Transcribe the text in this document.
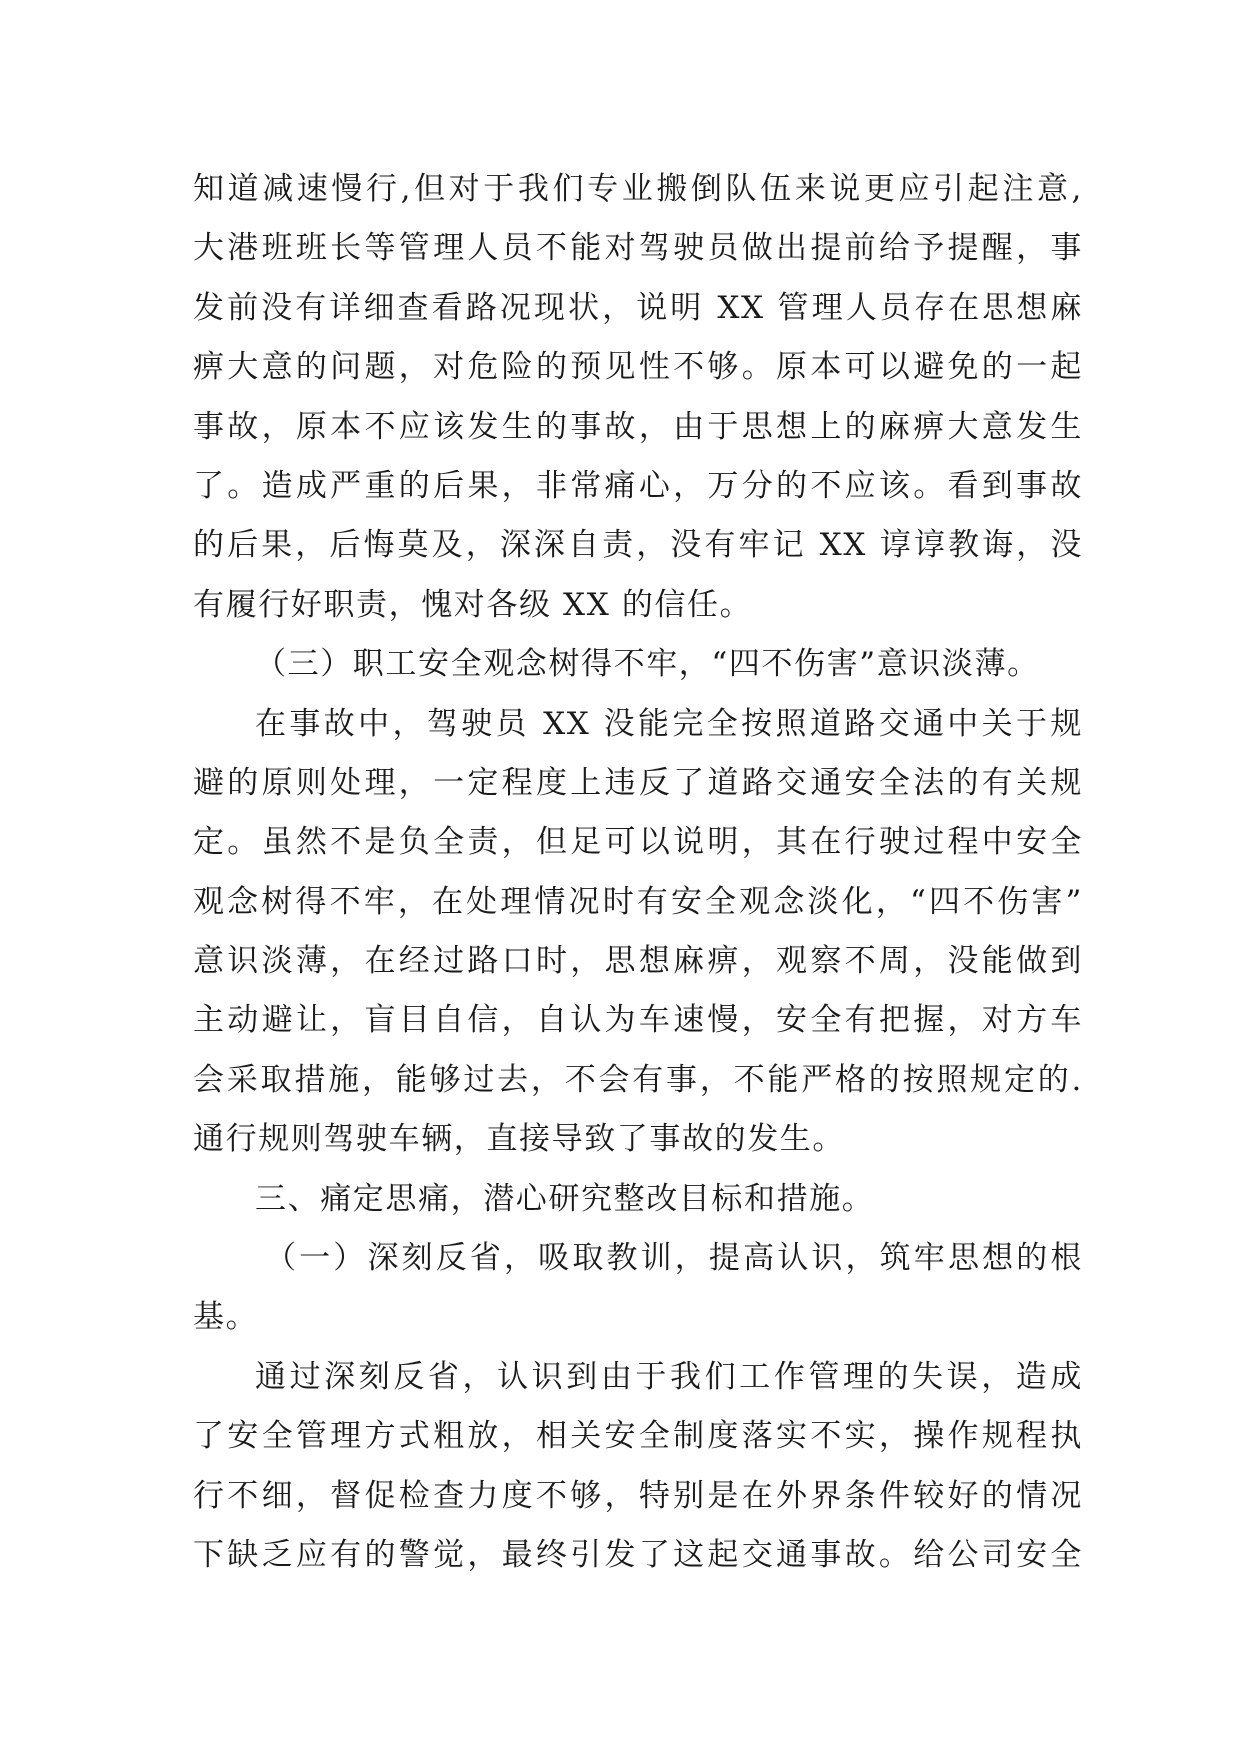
知道减速慢行,但对于我们专业搬倒队伍来说更应引起注意,
大港班班长等管理人员不能对驾驶员做出提前给予提醒，事
发前没有详细查看路况现状，说明 XX 管理人员存在思想麻
痹大意的问题，对危险的预见性不够。原本可以避免的一起
事故，原本不应该发生的事故，由于思想上的麻痹大意发生
了。造成严重的后果，非常痛心，万分的不应该。看到事故
的后果，后悔莫及，深深自责，没有牢记 XX 谆谆教诲，没
有履行好职责，愧对各级 XX 的信任。
（三）职工安全观念树得不牢，“四不伤害”意识淡薄。
在事故中，驾驶员 XX 没能完全按照道路交通中关于规
避的原则处理，一定程度上违反了道路交通安全法的有关规
定。虽然不是负全责，但足可以说明，其在行驶过程中安全
观念树得不牢，在处理情况时有安全观念淡化，“四不伤害”
意识淡薄，在经过路口时，思想麻痹，观察不周，没能做到
主动避让，盲目自信，自认为车速慢，安全有把握，对方车
会采取措施，能够过去，不会有事，不能严格的按照规定的.
通行规则驾驶车辆，直接导致了事故的发生。
三、痛定思痛，潜心研究整改目标和措施。
（一）深刻反省，吸取教训，提高认识，筑牢思想的根
基。
通过深刻反省，认识到由于我们工作管理的失误，造成
了安全管理方式粗放，相关安全制度落实不实，操作规程执
行不细，督促检查力度不够，特别是在外界条件较好的情况
下缺乏应有的警觉，最终引发了这起交通事故。给公司安全
